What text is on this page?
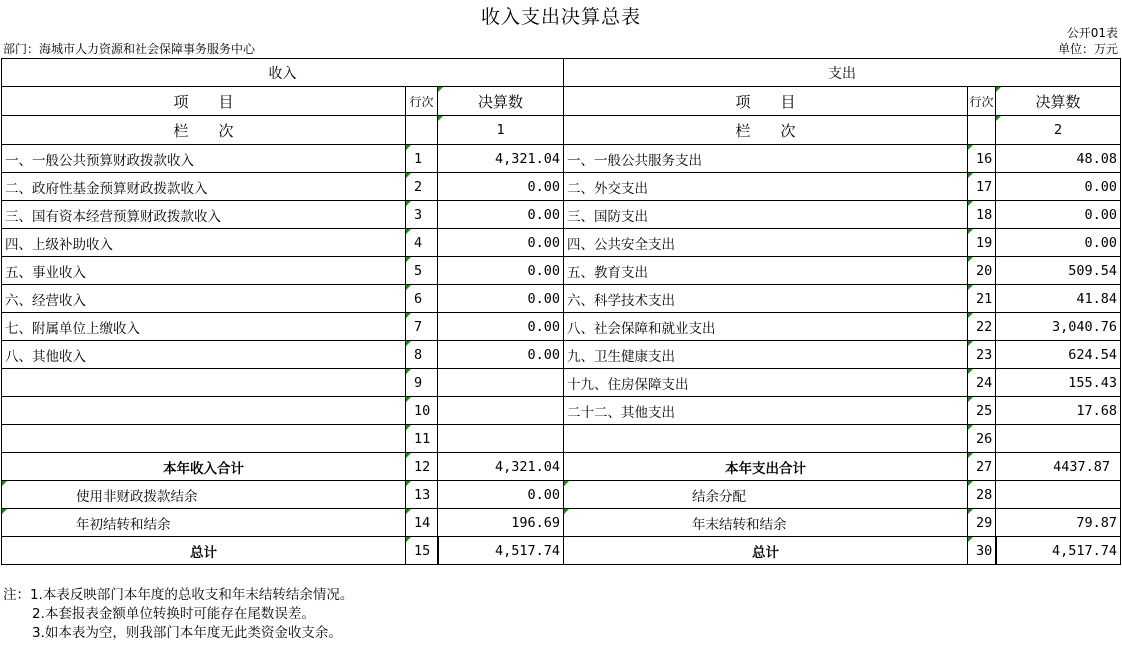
收入支出决算总表
公开01表
部门：海城市人力资源和社会保障事务服务中心	单位：万元
收入			支出		
项　　目	行次	决算数	项　　目	行次	决算数
栏　　次		1	栏　　次		2
一、一般公共预算财政拨款收入	1	4,321.04	一、一般公共服务支出	16	48.08
二、政府性基金预算财政拨款收入	2	0.00	二、外交支出	17	0.00
三、国有资本经营预算财政拨款收入	3	0.00	三、国防支出	18	0.00
四、上级补助收入	4	0.00	四、公共安全支出	19	0.00
五、事业收入	5	0.00	五、教育支出	20	509.54
六、经营收入	6	0.00	六、科学技术支出	21	41.84
七、附属单位上缴收入	7	0.00	八、社会保障和就业支出	22	3,040.76
八、其他收入	8	0.00	九、卫生健康支出	23	624.54
	9		十九、住房保障支出	24	155.43
	10		二十二、其他支出	25	17.68
	11			26	
本年收入合计	12	4,321.04	本年支出合计	27	4437.87
使用非财政拨款结余	13	0.00	结余分配	28	
年初结转和结余	14	196.69	年末结转和结余	29	79.87
总计	15	4,517.74	总计	30	4,517.74
注：1.本表反映部门本年度的总收支和年末结转结余情况。
2.本套报表金额单位转换时可能存在尾数误差。
3.如本表为空，则我部门本年度无此类资金收支余。
